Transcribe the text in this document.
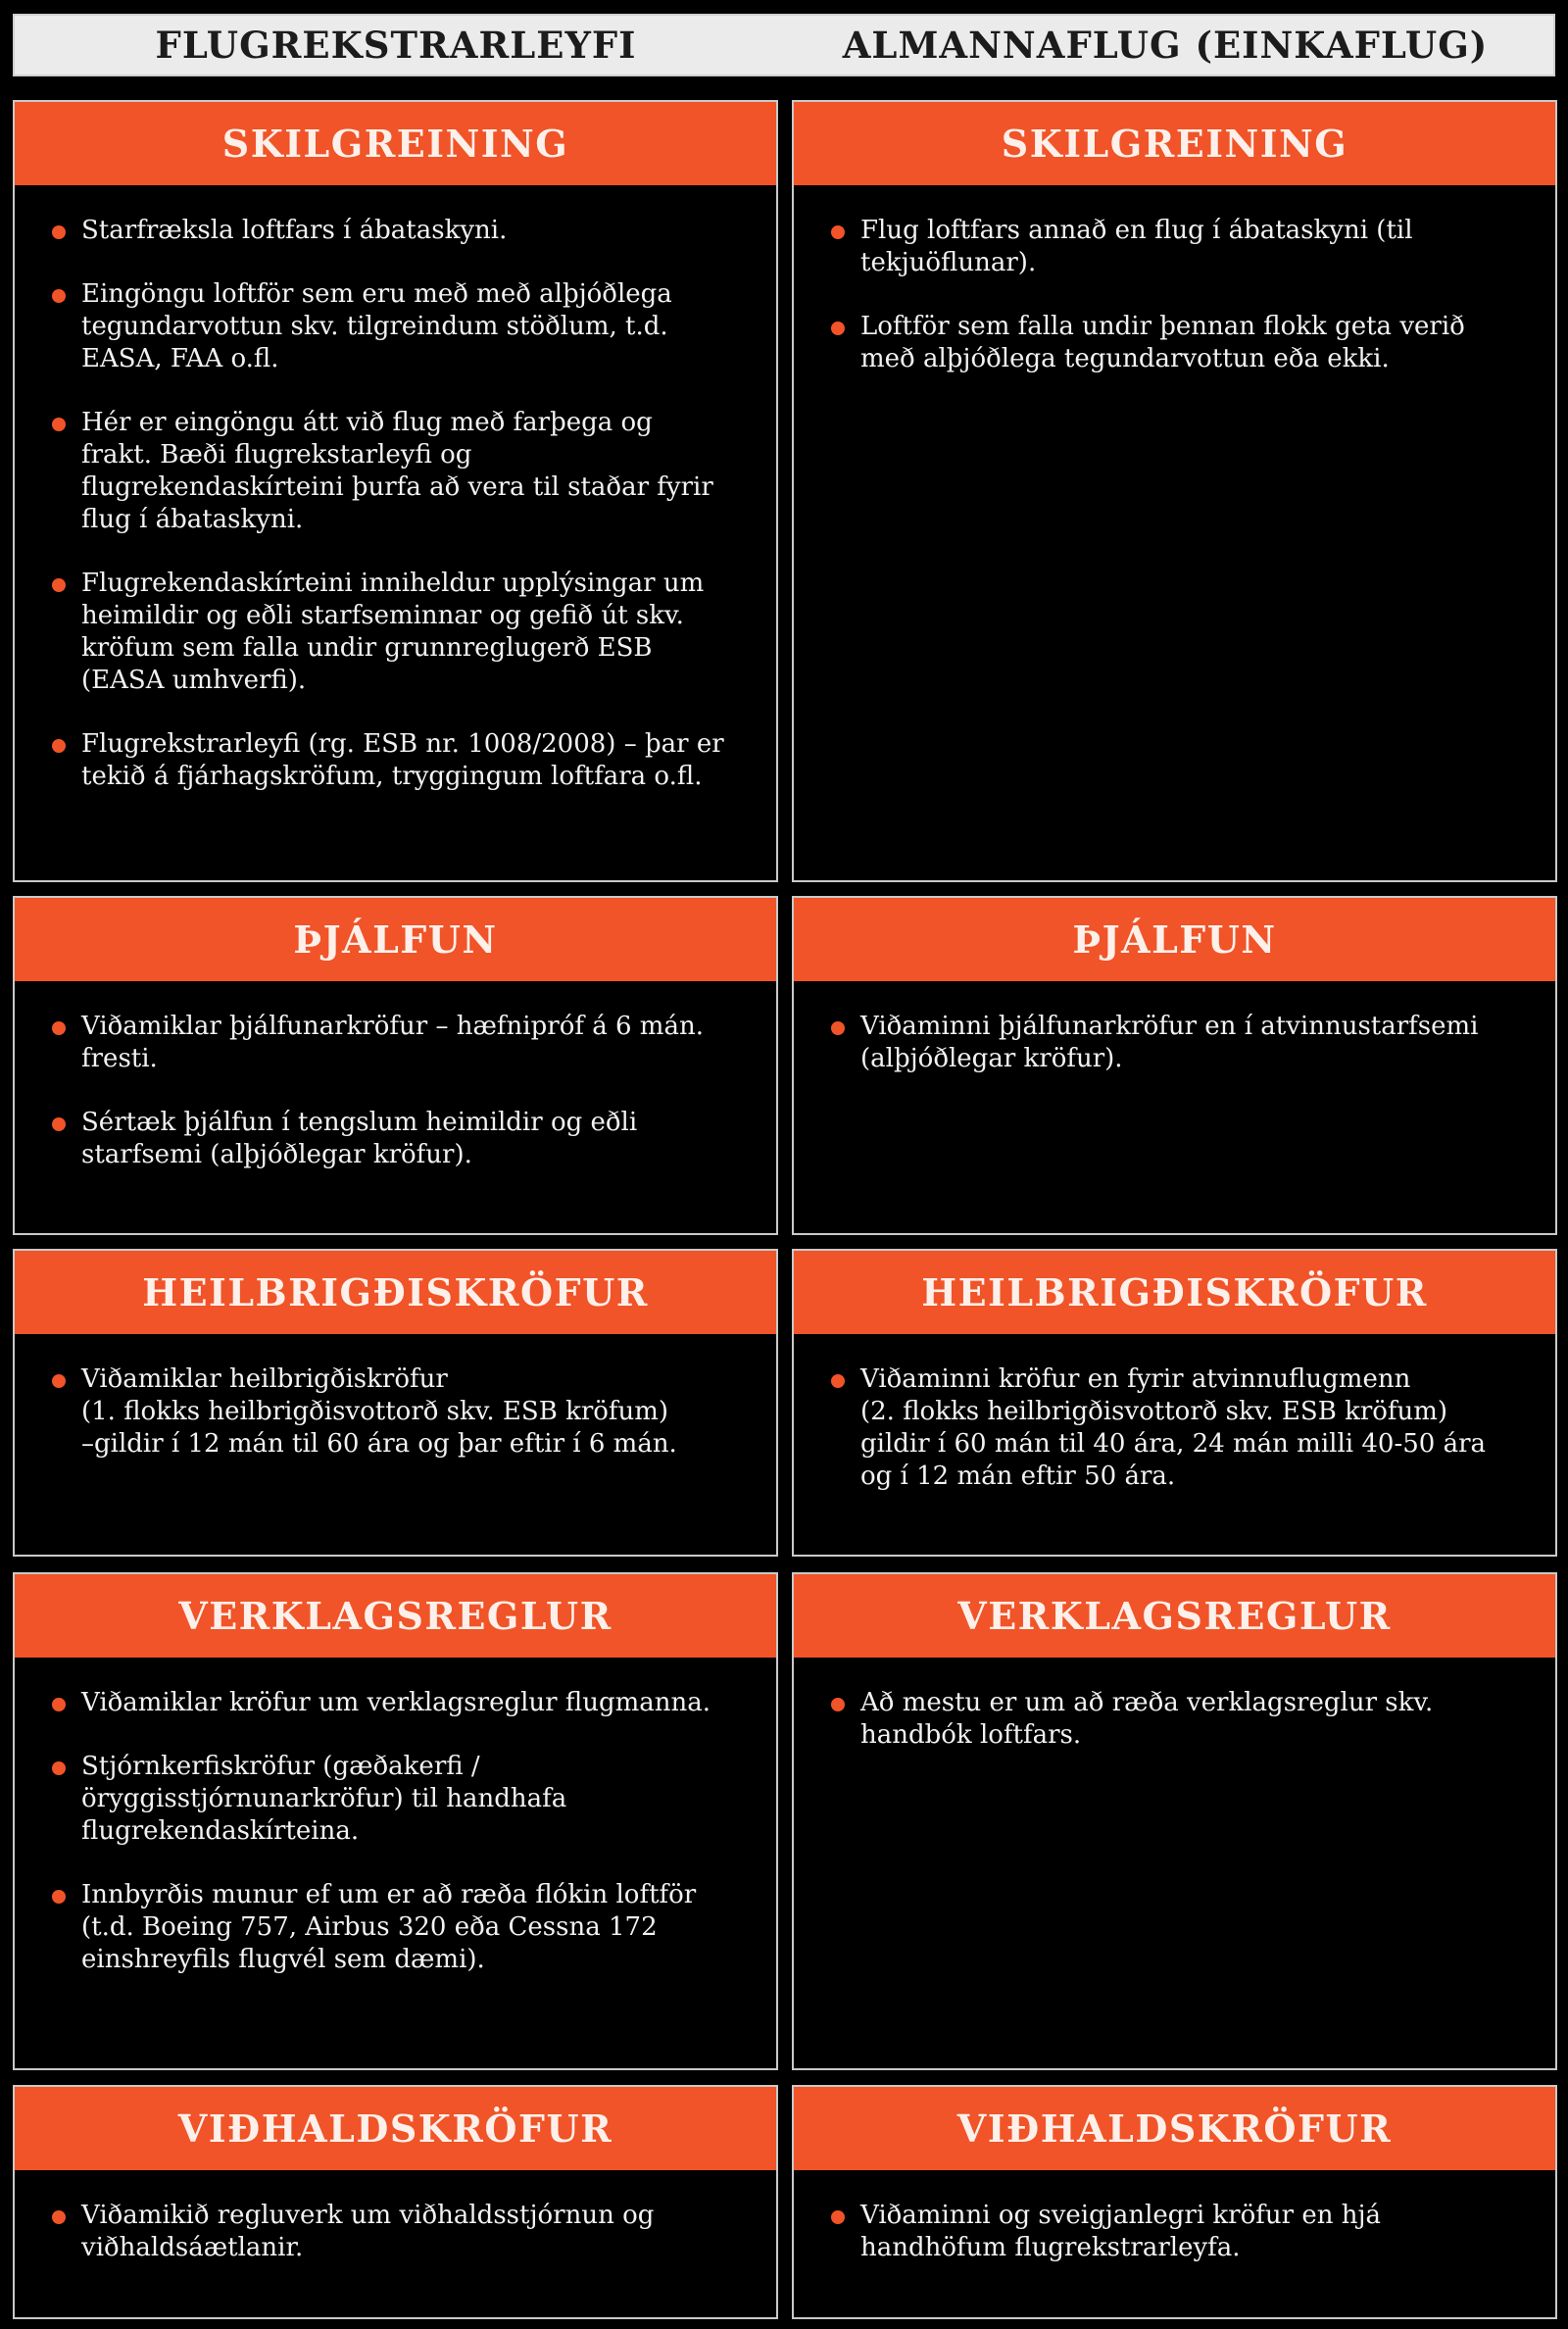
FLUGREKSTRARLEYFI	ALMANNAFLUG (EINKAFLUG)
SKILGREINING
Starfræksla loftfars í ábataskyni.
Eingöngu loftför sem eru með með alþjóðlega tegundarvottun skv. tilgreindum stöðlum, t.d. EASA, FAA o.fl.
Hér er eingöngu átt við flug með farþega og frakt. Bæði flugrekstarleyfi og flugrekendaskírteini þurfa að vera til staðar fyrir flug í ábataskyni.
Flugrekendaskírteini inniheldur upplýsingar um heimildir og eðli starfseminnar og gefið út skv. kröfum sem falla undir grunnreglugerð ESB (EASA umhverfi).
Flugrekstrarleyfi (rg. ESB nr. 1008/2008) – þar er tekið á fjárhagskröfum, tryggingum loftfara o.fl.
SKILGREINING
Flug loftfars annað en flug í ábataskyni (til tekjuöflunar).
Loftför sem falla undir þennan flokk geta verið með alþjóðlega tegundarvottun eða ekki.
ÞJÁLFUN
Viðamiklar þjálfunarkröfur – hæfnipróf á 6 mán. fresti.
Sértæk þjálfun í tengslum heimildir og eðli starfsemi (alþjóðlegar kröfur).
ÞJÁLFUN
Viðaminni þjálfunarkröfur en í atvinnustarfsemi (alþjóðlegar kröfur).
HEILBRIGÐISKRÖFUR
Viðamiklar heilbrigðiskröfur
(1. flokks heilbrigðisvottorð skv. ESB kröfum)
–gildir í 12 mán til 60 ára og þar eftir í 6 mán.
HEILBRIGÐISKRÖFUR
Viðaminni kröfur en fyrir atvinnuflugmenn
(2. flokks heilbrigðisvottorð skv. ESB kröfum) gildir í 60 mán til 40 ára, 24 mán milli 40-50 ára og í 12 mán eftir 50 ára.
VERKLAGSREGLUR
Viðamiklar kröfur um verklagsreglur flugmanna.
Stjórnkerfiskröfur (gæðakerfi / öryggisstjórnunarkröfur) til handhafa flugrekendaskírteina.
Innbyrðis munur ef um er að ræða flókin loftför (t.d. Boeing 757, Airbus 320 eða Cessna 172 einshreyfils flugvél sem dæmi).
VERKLAGSREGLUR
Að mestu er um að ræða verklagsreglur skv. handbók loftfars.
VIÐHALDSKRÖFUR
Viðamikið regluverk um viðhaldsstjórnun og viðhaldsáætlanir.
VIÐHALDSKRÖFUR
Viðaminni og sveigjanlegri kröfur en hjá handhöfum flugrekstrarleyfa.
